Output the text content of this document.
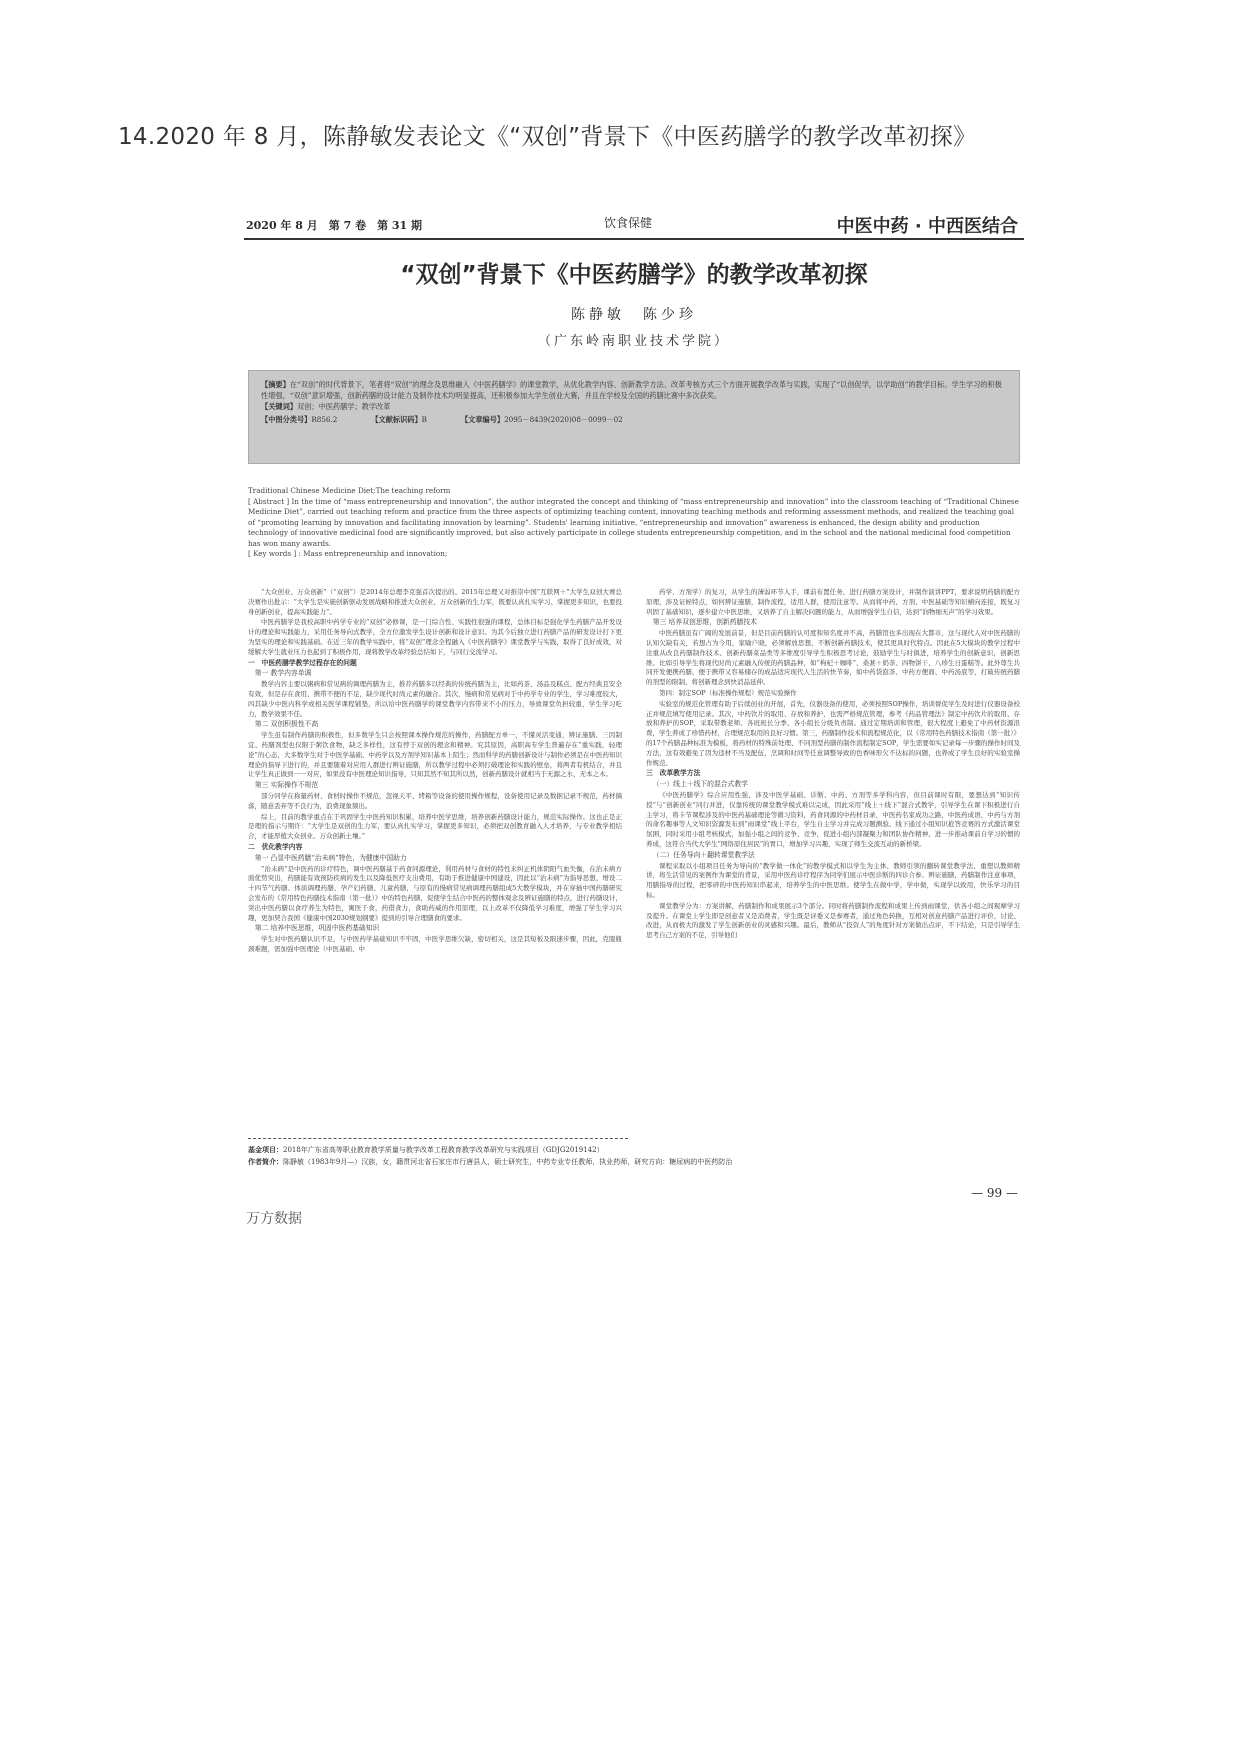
14.2020 年 8 月，陈静敏发表论文《“双创”背景下《中医药膳学的教学改革初探》
2020 年 8 月　第 7 卷　第 31 期	饮食保健	中医中药 · 中西医结合
“双创”背景下《中医药膳学》的教学改革初探
陈静敏　陈少珍
（广东岭南职业技术学院）
【摘要】在“双创”的时代背景下，笔者将“双创”的理念及思维融入《中医药膳学》的课堂教学，从优化教学内容、创新教学方法、改革考核方式三个方面开展教学改革与实践，实现了“以创促学，以学助创”的教学目标。学生学习的积极性增强，“双创”意识增强，创新药膳的设计能力及制作技术均明显提高，还积极参加大学生创业大赛，并且在学校及全国的药膳比赛中多次获奖。
【关键词】双创；中医药膳学；教学改革
【中图分类号】R856.2	【文献标识码】B	【文章编号】2095－8439(2020)08－0099－02
Traditional Chinese Medicine Diet;The teaching reform
[ Abstract ] In the time of “mass entrepreneurship and innovation”, the author integrated the concept and thinking of “mass entrepreneurship and innovation” into the classroom teaching of “Traditional Chinese Medicine Diet”, carried out teaching reform and practice from the three aspects of optimizing teaching content, innovating teaching methods and reforming assessment methods, and realized the teaching goal of “promoting learning by innovation and facilitating innovation by learning”. Students' learning initiative, “entrepreneurship and innovation” awareness is enhanced, the design ability and production technology of innovative medicinal food are significantly improved, but also actively participate in college students entrepreneurship competition, and in the school and the national medicinal food competition has won many awards.
[ Key words ] : Mass entrepreneurship and innovation;

“大众创业、万众创新”（“双创”）是2014年总理李克强首次提出的。2015年总理又对推崇中国“互联网＋”大学生双创大赛总决赛作出批示：“大学生是实施创新驱动发展战略和推进大众创业、万众创新的生力军，既要认真扎实学习、掌握更多知识，也要投身创新创业，提高实践能力”。

中医药膳学是我校高职中药学专业的“双创”必修课，是一门综合性、实践性很强的课程，总体目标是强化学生药膳产品开发设计的理论和实践能力，采用任务导向式教学，全方位激发学生设计创新和设计意识。为其今后独立进行药膳产品的研发设计打下更为坚实的理论和实践基础。在近三年的教学实践中，将“双创”理念全程融入《中医药膳学》课堂教学与实践，取得了良好成效，对缓解大学生就业压力也起到了积极作用，现将教学改革经验总结如下，与同行交流学习。

一　中医药膳学教学过程存在的问题

第一 教学内容单调

教学内容主要以粥病和常见病的调理药膳为主，推荐药膳多以经典的传统药膳为主，比如药茶、汤品及糕点、配方经典且安全有效，但是存在食用、携带不便的不足，缺少现代时尚元素的融合。其次，慢病和常见病对于中药学专业的学生，学习难度较大，四其缺少中医内科学或相关医学课程铺垫，所以给中医药膳学的课堂教学内容带来不小的压力，导致课堂负担较重，学生学习吃力，教学效果不佳。

第二 双创积极性不高

学生虽有制作药膳的积极性，但多数学生只会按照课本操作规范的操作，药膳配方单一，不懂灵活变通，辨证施膳、三因制宜、药膳剂型也仅限于粥饮食物，缺乏多样性，这有悖于双创的理念和精神。究其原因，高职高专学生普遍存在“重实践，轻理论”的心态，大多数学生对于中医学基础、中药学以及方剂学知识基本上陌生；然而科学的药膳创新设计与制作必须是在中医药知识理论的指导下进行的，并且要随着对应用人群进行辨证施膳，所以教学过程中必须打破理论和实践的壁垒，将两者有机结合，并且让学生真正做到一一对应，如果没有中医理论知识指导，只知其然不知其所以然，创新药膳设计就相当于无源之水，无本之木。

第三 实际操作不规范

部分同学在称量药材、食材时操作不规范，忽视天平、烤箱等设备的使用操作规程，设备使用记录及数据记录不规范，药材摘落，随意丢弃等不良行为，浪费现象频出。

综上，目前的教学重点在于巩固学生中医药知识积累，培养中医学思维，培养创新药膳设计能力，规范实际操作。这也正是正是理的指示与期许：“大学生是双创的生力军，要认真扎实学习，掌握更多知识，必须把双创教育融入人才培养，与专业教学相结合，才能厚植大众创业、万众创新土壤。”

二　优化教学内容

第一 凸显中医药膳“治未病”特色，为健康中国助力

“治未病”是中医药的诊疗特色，调中医药膳基于药食同源理论，利用药材与食材的特性来纠正机体阴阳气血失衡，在治未病方面优势突出，药膳能有效预防疾病的发生以及降低医疗支出费用，有助于推进健康中国建设，因此以“治未病”为指导思想，增设二十四节气药膳、体质调理药膳、孕产妇药膳、儿童药膳，与原有的慢病常见病调理药膳组成5大教学模块，并在穿插中国药膳研究会发布的《常用特色药膳技术指南（第一批）》中的特色药膳，促使学生结合中医药的整体观念及辨证施膳的特点，进行药膳设计，突出中医药膳以食疗养生为特色，寓医于食，药借食力，食助药威的作用原理，以上改革不仅降低学习难度，增强了学生学习兴趣，更加契合我国《健康中国2030规划纲要》提到的引导合理膳食的要求。

第二 培养中医思维，巩固中医药基础知识

学生对中医药膳认识不足，与中医药学基础知识不牢固，中医学思维欠缺，密切相关，这是其短板及限速步骤，因此，克服瓶颈难题，需加强中医理论（中医基础、中

药学、方剂学）的复习，从学生的薄弱环节入手，课前布置任务，进行药膳方案设计，并制作演讲PPT，要求说明药膳的配方原理，涉及证候特点，如何辨证施膳，制作流程，适用人群，使用注意等。从而将中药、方剂、中医基础等知识横向连接，既复习巩固了基础知识，逐步建立中医思维，又培养了自主解决问题的能力，从而增强学生自信，达到“润物细无声”的学习效果。

第三 培养双创思维，创新药膳技术

中医药膳虽有广阔的发展前景，但是目前药膳的认可度和知名度并不高，药膳馆也多出现在大都市，这与现代人对中医药膳的认知欠缺有关，若想占为今用，家喻户晓，必须解放思想，不断创新药膳技术，使其更具时代特点。因此在5大模块的教学过程中注重从改良药膳制作技术、创新药膳菜品类等多维度引导学生积极思考讨论，鼓励学生与时俱进，培养学生的创新意识，创新思维。比如引导学生将现代时尚元素融入传统的药膳品种，如“枸杞＋咖啡”、桑葚＋奶茶、四物饼干、八珍生日蛋糕等。此外尊生共同开发便携药膳，便于携带又容易储存的成品适应现代人生活的快节奏，如中药袋泡茶、中药方便面、中药汤底等，打破传统药膳的剂型的限制，将创新理念到快消品延伸。

第四：制定SOP（标准操作规程）规范实验操作

实验室的规范化管理有助于后续创业的开展，首先，仪器设备的使用，必须按照SOP操作，培训督促学生及时进行仪器设备校正并规范填写使用记录。其次，中药饮片的取用、存放和养护，也需严格规范管理，参考《药品管理法》制定中药饮片的取用、存放和养护的SOP，采取带教老师、各班班长分季、各小组长分级负责制。通过定期培训和管理，很大程度上避免了中药材资源浪费，学生养成了珍惜药材，合理规范取用的良好习惯。第三，药膳制作技术和流程规范化，以《常用特色药膳技术指南（第一批）》的17个药膳品种标准为模板，将药材的特殊前处理、不同剂型药膳的制作流程制定SOP，学生需要如实记录每一步骤的操作时间及方法，这有效避免了因为违材不当及配伍，烹调和时间等任意调整导致的色香味形欠不达标的问题，也养成了学生良好的实验室操作规范。

三　改革教学方法

（一）线上＋线下的混合式教学

《中医药膳学》综合应用性强，涉及中医学基础、诊断、中药、方剂等多学科内容，但目前课时有限，要想达到“知识传授”与“创新创业”同行并进，仅靠传统的课堂教学模式难以完成，因此采用“线上＋线下”混合式教学，引导学生在课下积极进行自主学习，将卡节课程涉及的中医药基础理论等微习资料，药食同源的中药材目录，中医药名家成功之路，中医药成语，中药与方剂的命名趣事等人文知识资源发布到“雨课堂”线上平台，学生自主学习并完成习题测验。线下通过小组知识抢答竞赛的方式激活课堂氛围，同时采用小组考核模式，加强小组之间的竞争、竞争，促进小组内部凝聚力和团队协作精神，进一步推动课前自学习的惯的养成，这符合当代大学生“网络原住居民”的胃口，增加学习兴趣，实现了师生交流互动的新桥梁。

（二）任务导向＋翻转课堂教学法

课程采取以小组项目任务为导向的“教学做一体化”的教学模式和以学生为主体、教师引领的翻转课堂教学法，重塑以教师精讲，将生活常见的案例作为课堂的背景，采用中医药诊疗程序为同学们展示中医诊断的四诊合参、辨证施膳，药膳制作注意事项，用膳指导的过程，把零碎的中医药知识串起来，培养学生的中医思维。使学生在做中学，学中做，实现学以致用，快乐学习的目标。

课堂教学分为：方案讲解，药膳制作和成果展示3个部分。同时将药膳制作流程和成果上传到雨课堂，供各小组之间观摩学习及提升。在课堂上学生即是创意者又是消费者，学生既是评委又是参赛者，通过角色转换，互相对创意药膳产品进行评价，讨论、改进，从而极大的激发了学生创新创业的灵感和兴趣。最后，教师从“投资人”的角度针对方案做出点评，不下结论，只是引导学生思考自己方案的不足，引导他们

基金项目：2018年广东省高等职业教育教学质量与教学改革工程教育教学改革研究与实践项目（GDJG2019142）
作者简介：陈静敏（1983年9月—）汉族，女，籍贯河北省石家庄市行唐县人，硕士研究生，中药专业专任教师，执业药师，研究方向：糖尿病的中医药防治
— 99 —
万方数据
